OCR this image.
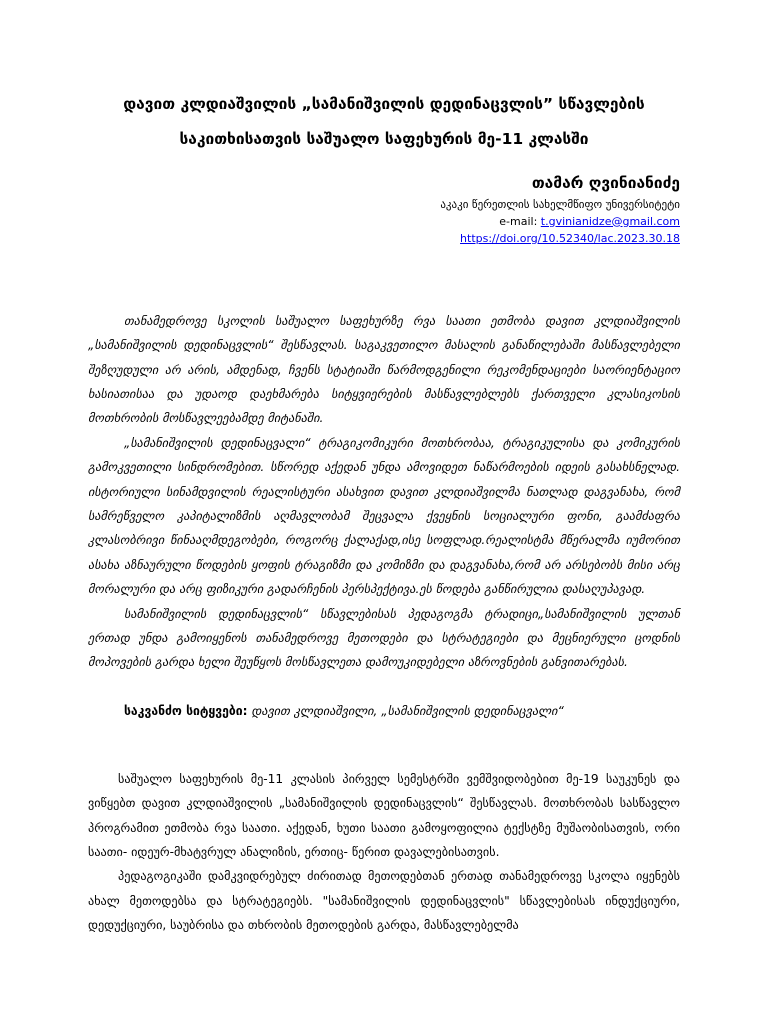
დავით კლდიაშვილის „სამანიშვილის დედინაცვლის” სწავლების
საკითხისათვის საშუალო საფეხურის მე-11 კლასში
თამარ ღვინიანიძე
აკაკი წერეთლის სახელმწიფო უნივერსიტეტი
e-mail: t.gvinianidze@gmail.com
https://doi.org/10.52340/lac.2023.30.18

თანამედროვე სკოლის საშუალო საფეხურზე რვა საათი ეთმობა დავით კლდიაშვილის „სამანიშვილის დედინაცვლის“ შესწავლას. საგაკვეთილო მასალის განაწილებაში მასწავლებელი შეზღუდული არ არის, ამდენად, ჩვენს სტატიაში წარმოდგენილი რეკომენდაციები საორიენტაციო ხასიათისაა და უდაოდ დაეხმარება სიტყვიერების მასწავლებლებს ქართველი კლასიკოსის მოთხრობის მოსწავლეებამდე მიტანაში.

„სამანიშვილის დედინაცვალი“ ტრაგიკომიკური მოთხრობაა, ტრაგიკულისა და კომიკურის გამოკვეთილი სინდრომებით. სწორედ აქედან უნდა ამოვიდეთ ნაწარმოების იდეის გასახსნელად. ისტორიული სინამდვილის რეალისტური ასახვით დავით კლდიაშვილმა ნათლად დაგვანახა, რომ სამრეწველო კაპიტალიზმის აღმავლობამ შეცვალა ქვეყნის სოციალური ფონი, გაამძაფრა კლასობრივი წინააღმდეგობები, როგორც ქალაქად,ისე სოფლად.რეალისტმა მწერალმა იუმორით ასახა აზნაურული წოდების ყოფის ტრაგიზმი და კომიზმი და დაგვანახა,რომ არ არსებობს მისი არც მორალური და არც ფიზიკური გადარჩენის პერსპექტივა.ეს წოდება განწირულია დასაღუპავად.

სამანიშვილის დედინაცვლის“ სწავლებისას პედაგოგმა ტრადიცი„სამანიშვილის ულთან ერთად უნდა გამოიყენოს თანამედროვე მეთოდები და სტრატეგიები და მეცნიერული ცოდნის მოპოვების გარდა ხელი შეუწყოს მოსწავლეთა დამოუკიდებელი აზროვნების განვითარებას.

საკვანძო სიტყვები: დავით კლდიაშვილი, „სამანიშვილის დედინაცვალი“

საშუალო საფეხურის მე-11 კლასის პირველ სემესტრში ვემშვიდობებით მე-19 საუკუნეს და ვიწყებთ დავით კლდიაშვილის „სამანიშვილის დედინაცვლის“ შესწავლას. მოთხრობას სასწავლო პროგრამით ეთმობა რვა საათი. აქედან, ხუთი საათი გამოყოფილია ტექსტზე მუშაობისათვის, ორი საათი- იდეურ-მხატვრულ ანალიზის, ერთიც- წერით დავალებისათვის.

პედაგოგიკაში დამკვიდრებულ ძირითად მეთოდებთან ერთად თანამედროვე სკოლა იყენებს ახალ მეთოდებსა და სტრატეგიებს. "სამანიშვილის დედინაცვლის" სწავლებისას ინდუქციური, დედუქციური, საუბრისა და თხრობის მეთოდების გარდა, მასწავლებელმა
